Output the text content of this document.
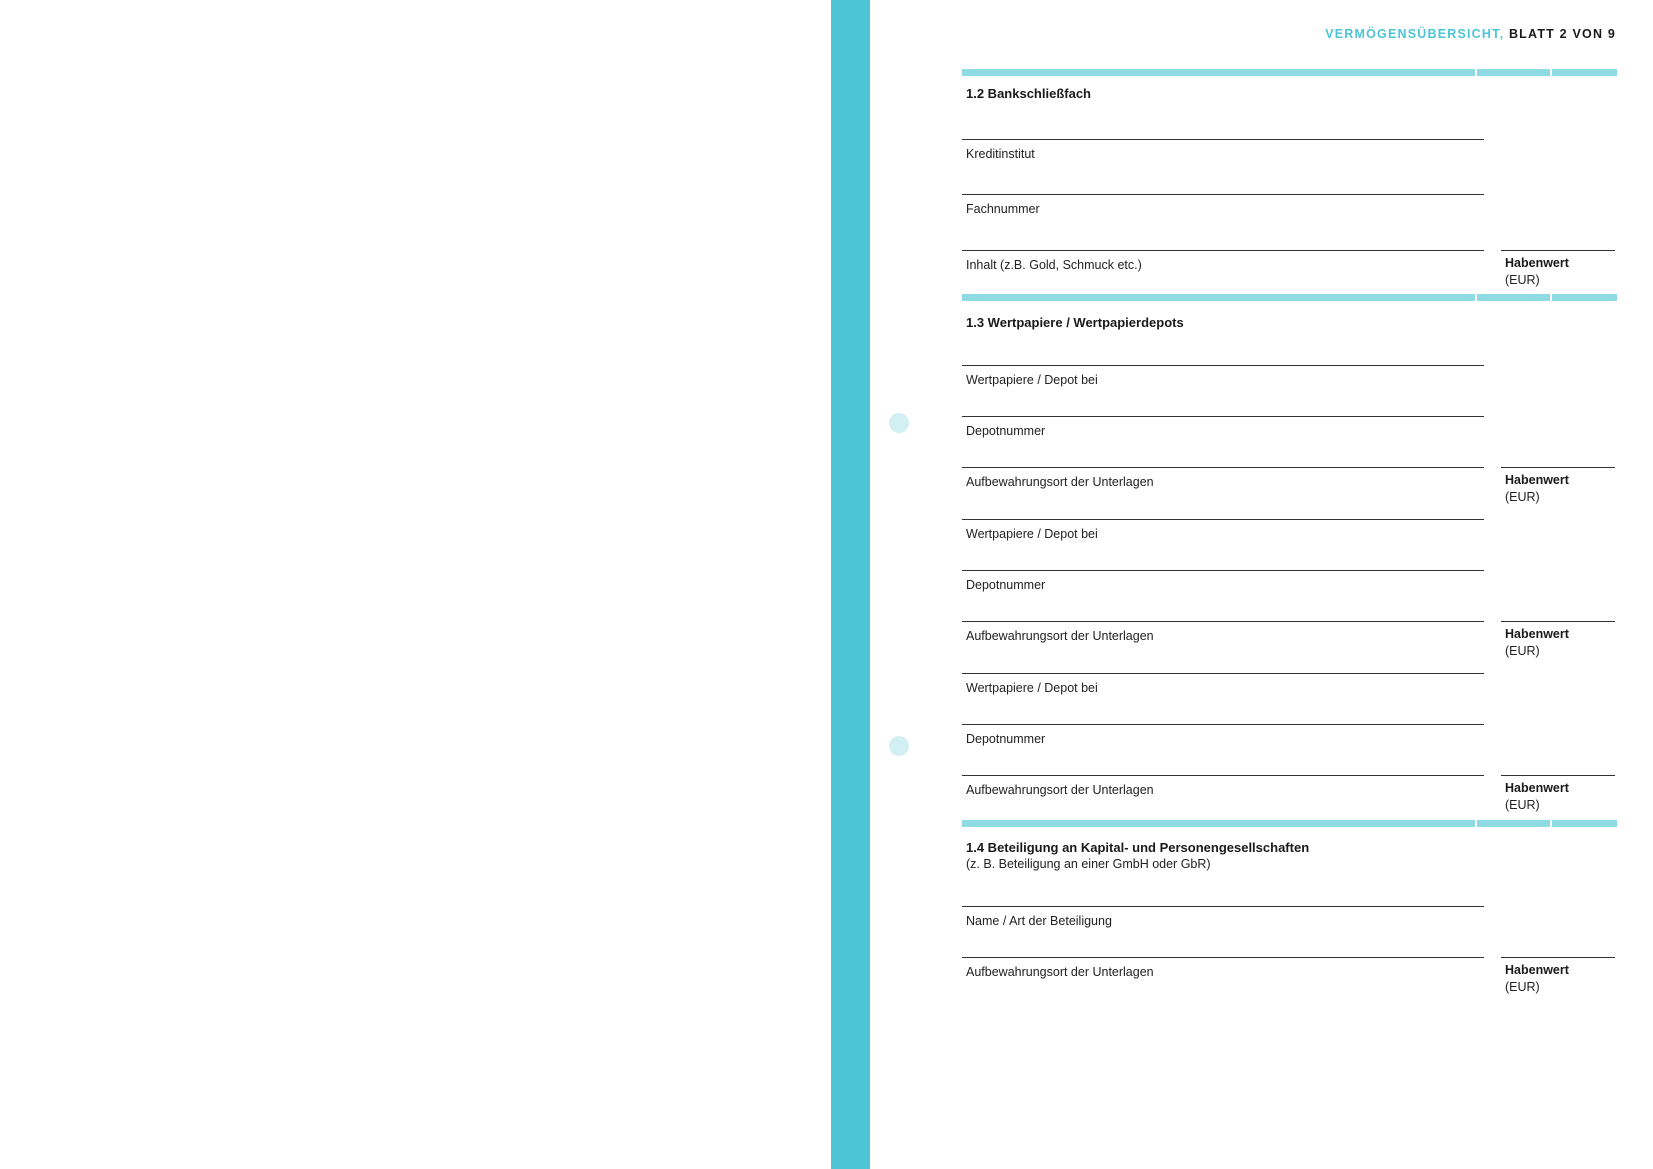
VERMÖGENSÜBERSICHT, BLATT 2 VON 9
1.2 Bankschließfach
Kreditinstitut
Fachnummer
Inhalt (z.B. Gold, Schmuck etc.)	Habenwert
(EUR)
1.3 Wertpapiere / Wertpapierdepots
Wertpapiere / Depot bei
Depotnummer
Aufbewahrungsort der Unterlagen	Habenwert
(EUR)
Wertpapiere / Depot bei
Depotnummer
Aufbewahrungsort der Unterlagen	Habenwert
(EUR)
Wertpapiere / Depot bei
Depotnummer
Aufbewahrungsort der Unterlagen	Habenwert
(EUR)
1.4 Beteiligung an Kapital- und Personengesellschaften
(z. B. Beteiligung an einer GmbH oder GbR)
Name / Art der Beteiligung
Aufbewahrungsort der Unterlagen	Habenwert
(EUR)
